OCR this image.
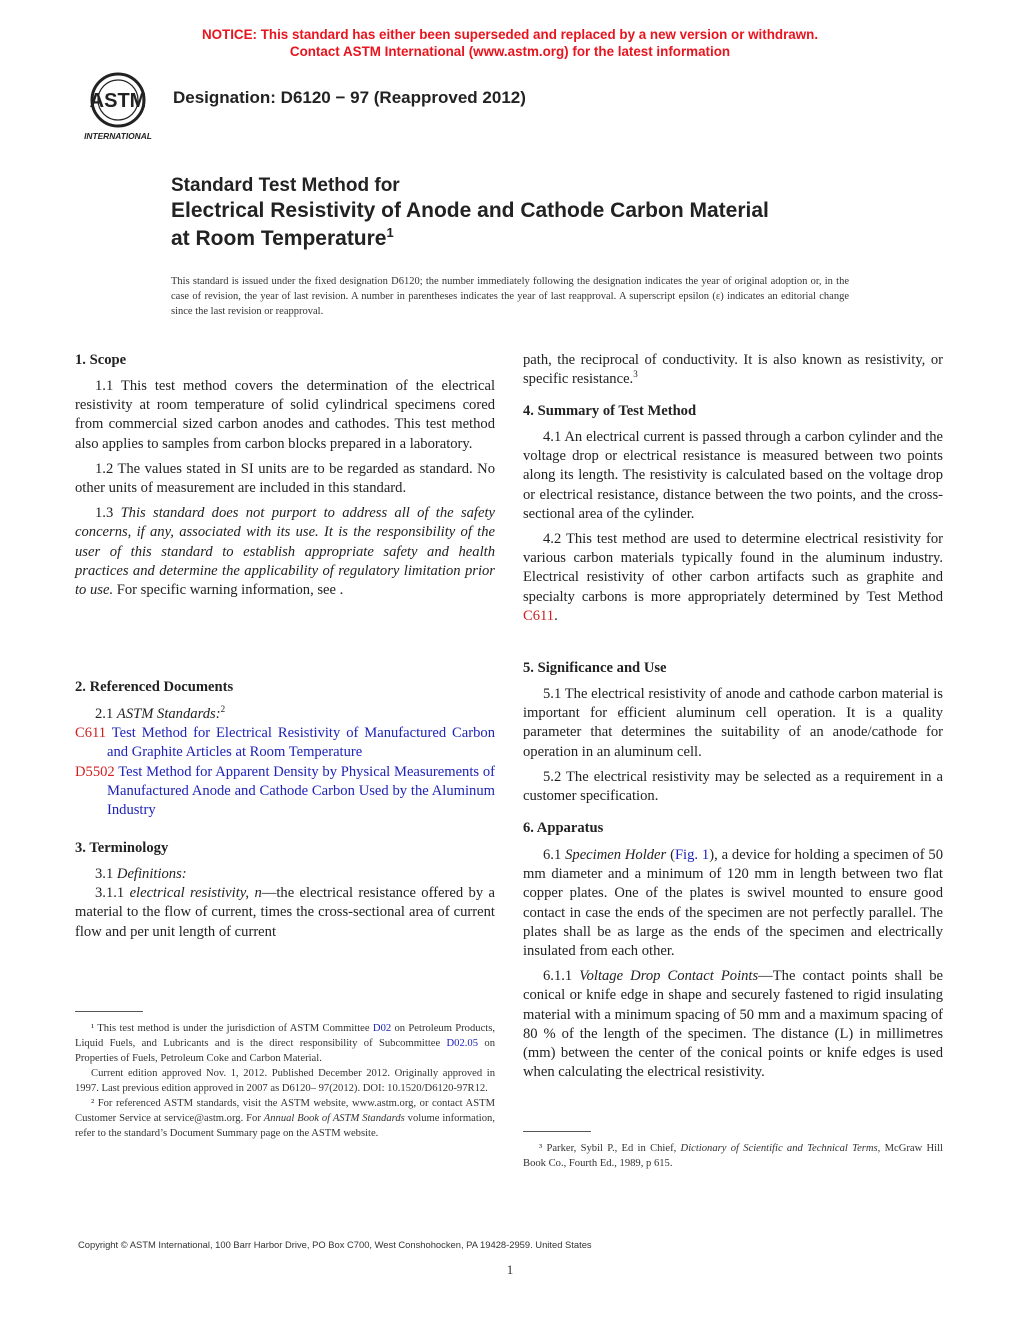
NOTICE: This standard has either been superseded and replaced by a new version or withdrawn.
Contact ASTM International (www.astm.org) for the latest information
ASTM
INTERNATIONAL
Designation: D6120 − 97 (Reapproved 2012)
Standard Test Method for
Electrical Resistivity of Anode and Cathode Carbon Material
at Room Temperature$^1$
This standard is issued under the fixed designation D6120; the number immediately following the designation indicates the year of original adoption or, in the case of revision, the year of last revision. A number in parentheses indicates the year of last reapproval. A superscript epsilon (ε) indicates an editorial change since the last revision or reapproval.
1. Scope

1.1 This test method covers the determination of the electrical resistivity at room temperature of solid cylindrical specimens cored from commercial sized carbon anodes and cathodes. This test method also applies to samples from carbon blocks prepared in a laboratory.

1.2 The values stated in SI units are to be regarded as standard. No other units of measurement are included in this standard.

1.3 This standard does not purport to address all of the safety concerns, if any, associated with its use. It is the responsibility of the user of this standard to establish appropriate safety and health practices and determine the applicability of regulatory limitation prior to use. For specific warning information, see .

2. Referenced Documents

2.1 ASTM Standards:$^2$

C611 Test Method for Electrical Resistivity of Manufactured Carbon and Graphite Articles at Room Temperature

D5502 Test Method for Apparent Density by Physical Measurements of Manufactured Anode and Cathode Carbon Used by the Aluminum Industry

3. Terminology

3.1 Definitions:

3.1.1 electrical resistivity, n—the electrical resistance offered by a material to the flow of current, times the cross-sectional area of current flow and per unit length of current

path, the reciprocal of conductivity. It is also known as resistivity, or specific resistance.$^3$

4. Summary of Test Method

4.1 An electrical current is passed through a carbon cylinder and the voltage drop or electrical resistance is measured between two points along its length. The resistivity is calculated based on the voltage drop or electrical resistance, distance between the two points, and the cross-sectional area of the cylinder.

4.2 This test method are used to determine electrical resistivity for various carbon materials typically found in the aluminum industry. Electrical resistivity of other carbon artifacts such as graphite and specialty carbons is more appropriately determined by Test Method C611.

5. Significance and Use

5.1 The electrical resistivity of anode and cathode carbon material is important for efficient aluminum cell operation. It is a quality parameter that determines the suitability of an anode/cathode for operation in an aluminum cell.

5.2 The electrical resistivity may be selected as a requirement in a customer specification.

6. Apparatus

6.1 Specimen Holder (Fig. 1), a device for holding a specimen of 50 mm diameter and a minimum of 120 mm in length between two flat copper plates. One of the plates is swivel mounted to ensure good contact in case the ends of the specimen are not perfectly parallel. The plates shall be as large as the ends of the specimen and electrically insulated from each other.

6.1.1 Voltage Drop Contact Points—The contact points shall be conical or knife edge in shape and securely fastened to rigid insulating material with a minimum spacing of 50 mm and a maximum spacing of 80 % of the length of the specimen. The distance (L) in millimetres (mm) between the center of the conical points or knife edges is used when calculating the electrical resistivity.

¹ This test method is under the jurisdiction of ASTM Committee D02 on Petroleum Products, Liquid Fuels, and Lubricants and is the direct responsibility of Subcommittee D02.05 on Properties of Fuels, Petroleum Coke and Carbon Material.

Current edition approved Nov. 1, 2012. Published December 2012. Originally approved in 1997. Last previous edition approved in 2007 as D6120– 97(2012). DOI: 10.1520/D6120-97R12.

² For referenced ASTM standards, visit the ASTM website, www.astm.org, or contact ASTM Customer Service at service@astm.org. For Annual Book of ASTM Standards volume information, refer to the standard’s Document Summary page on the ASTM website.

³ Parker, Sybil P., Ed in Chief, Dictionary of Scientific and Technical Terms, McGraw Hill Book Co., Fourth Ed., 1989, p 615.

Copyright © ASTM International, 100 Barr Harbor Drive, PO Box C700, West Conshohocken, PA 19428-2959. United States
1
